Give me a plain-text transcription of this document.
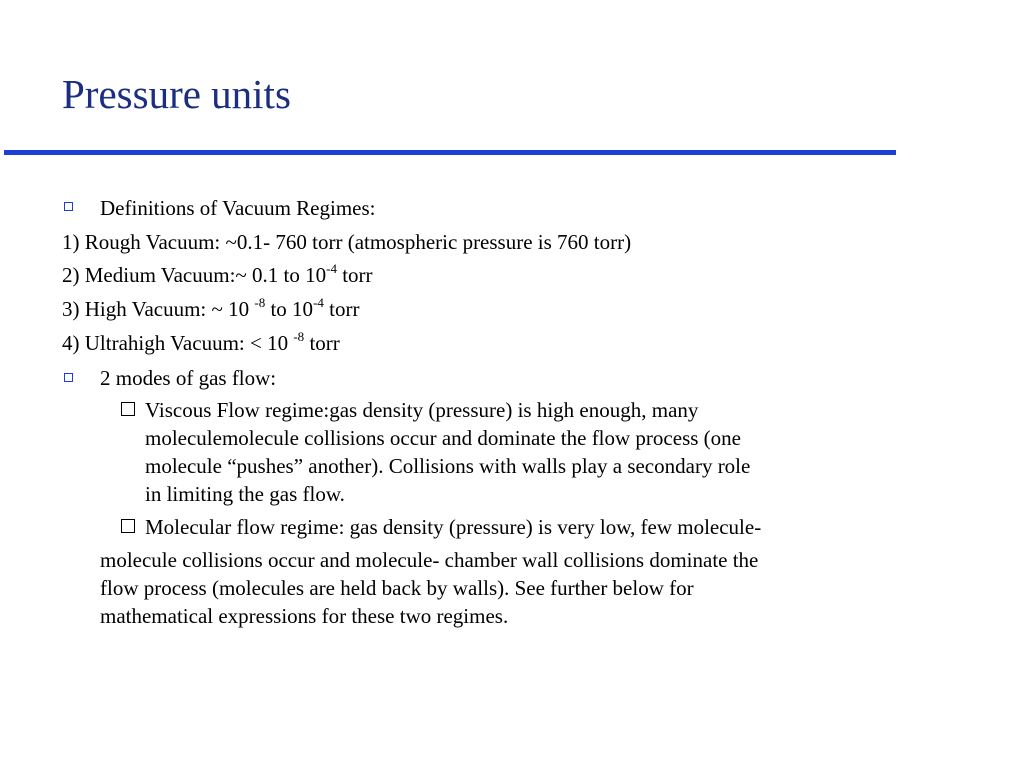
Pressure units
Definitions of Vacuum Regimes:
1) Rough Vacuum: ~0.1- 760 torr (atmospheric pressure is 760 torr)
2) Medium Vacuum:~ 0.1 to $10^{-4}$ torr
3) High Vacuum: ~ 10 $^{-8}$ to $10^{-4}$ torr
4) Ultrahigh Vacuum: < 10 $^{-8}$ torr
2 modes of gas flow:
Viscous Flow regime:gas density (pressure) is high enough, many
moleculemolecule collisions occur and dominate the flow process (one
molecule “pushes” another). Collisions with walls play a secondary role
in limiting the gas flow.
Molecular flow regime: gas density (pressure) is very low, few molecule-
molecule collisions occur and molecule- chamber wall collisions dominate the
flow process (molecules are held back by walls). See further below for
mathematical expressions for these two regimes.
